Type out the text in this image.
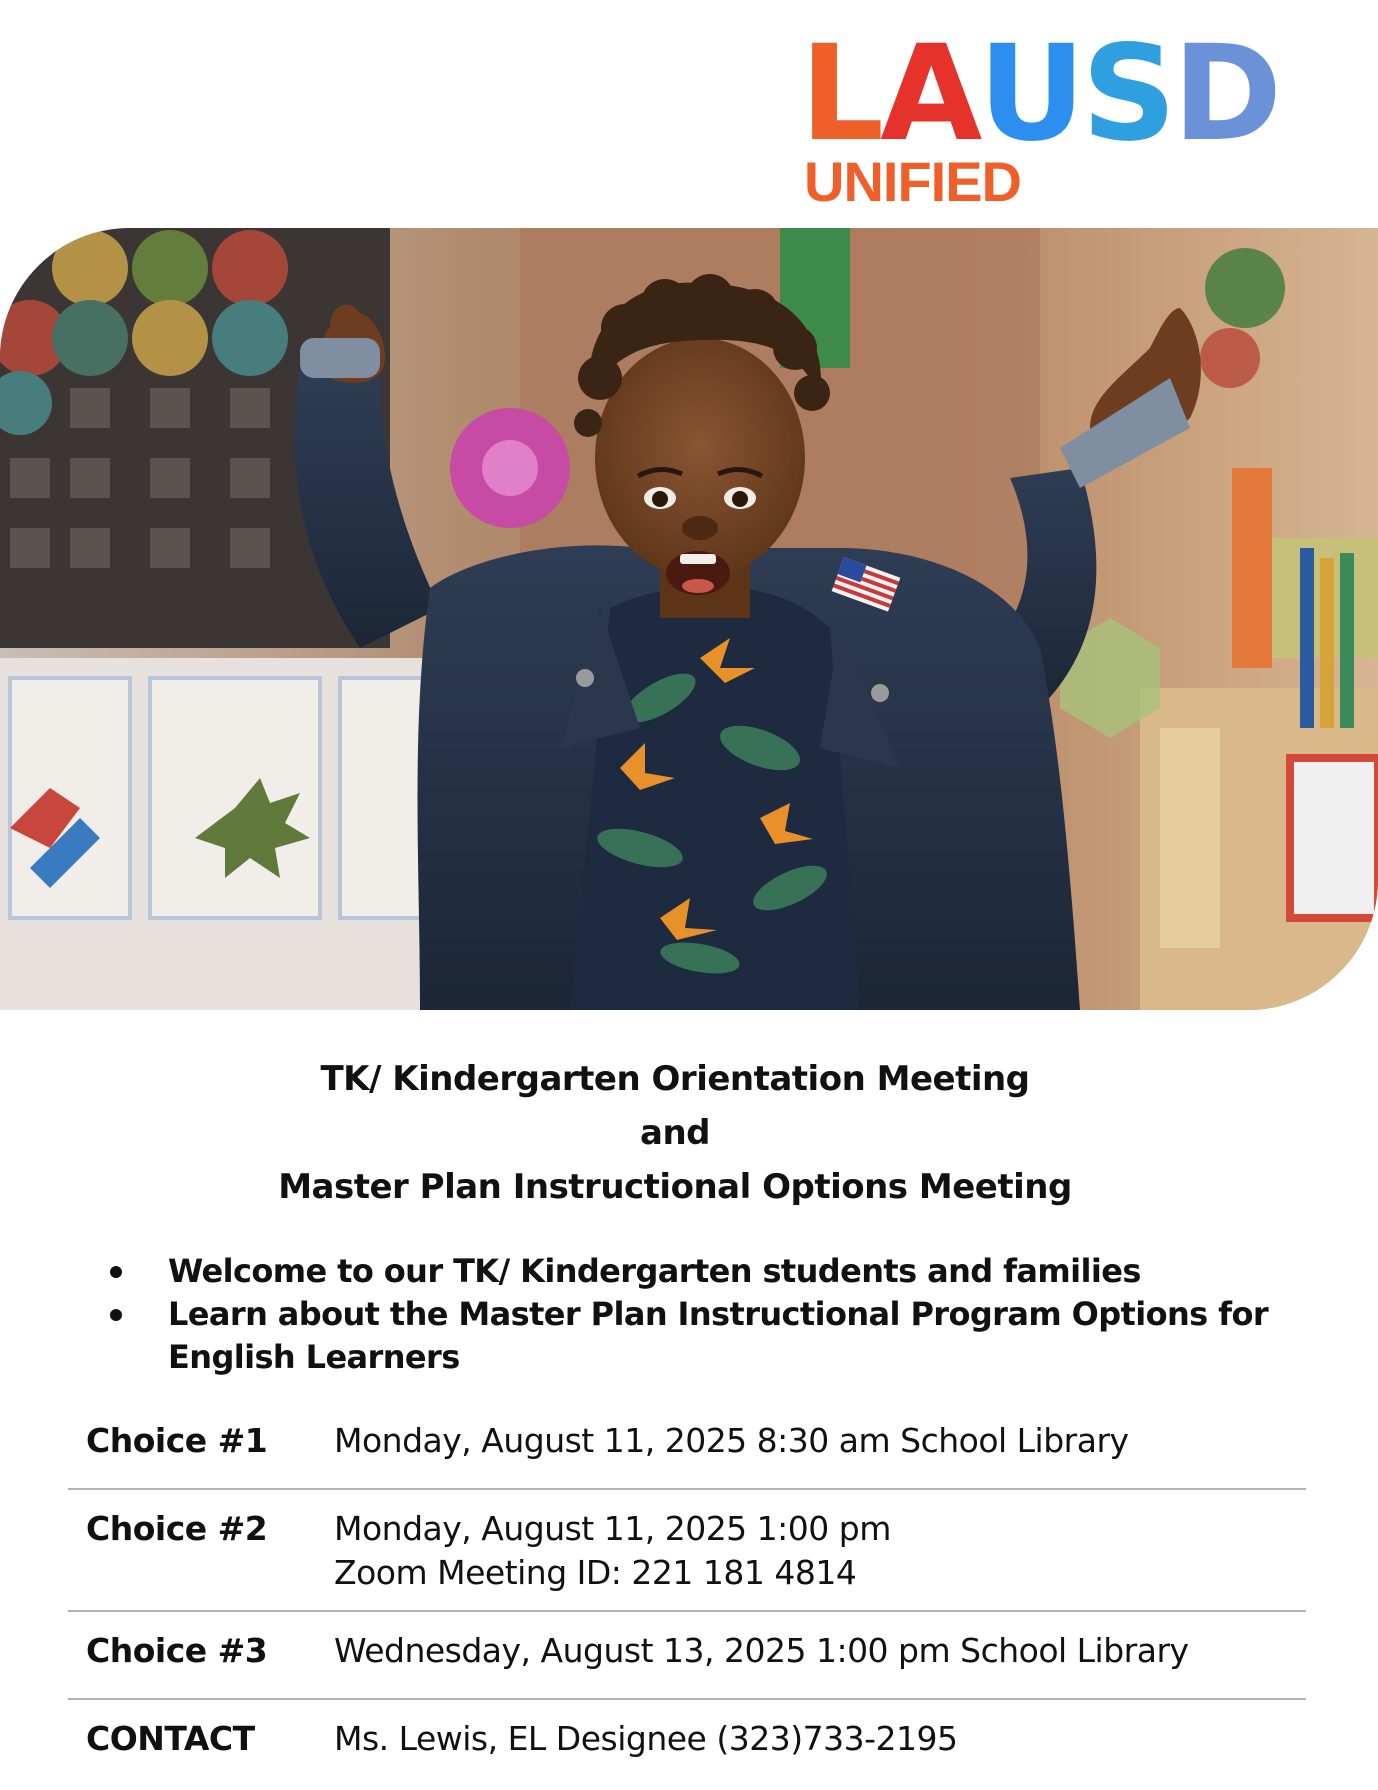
LAUSD
UNIFIED
TK/ Kindergarten Orientation Meeting
and
Master Plan Instructional Options Meeting
Welcome to our TK/ Kindergarten students and families
Learn about the Master Plan Instructional Program Options for English Learners
Choice #1 Monday, August 11, 2025 8:30 am School Library
Choice #2 Monday, August 11, 2025 1:00 pm
Zoom Meeting ID: 221 181 4814
Choice #3 Wednesday, August 13, 2025 1:00 pm School Library
CONTACT Ms. Lewis, EL Designee (323)733-2195
